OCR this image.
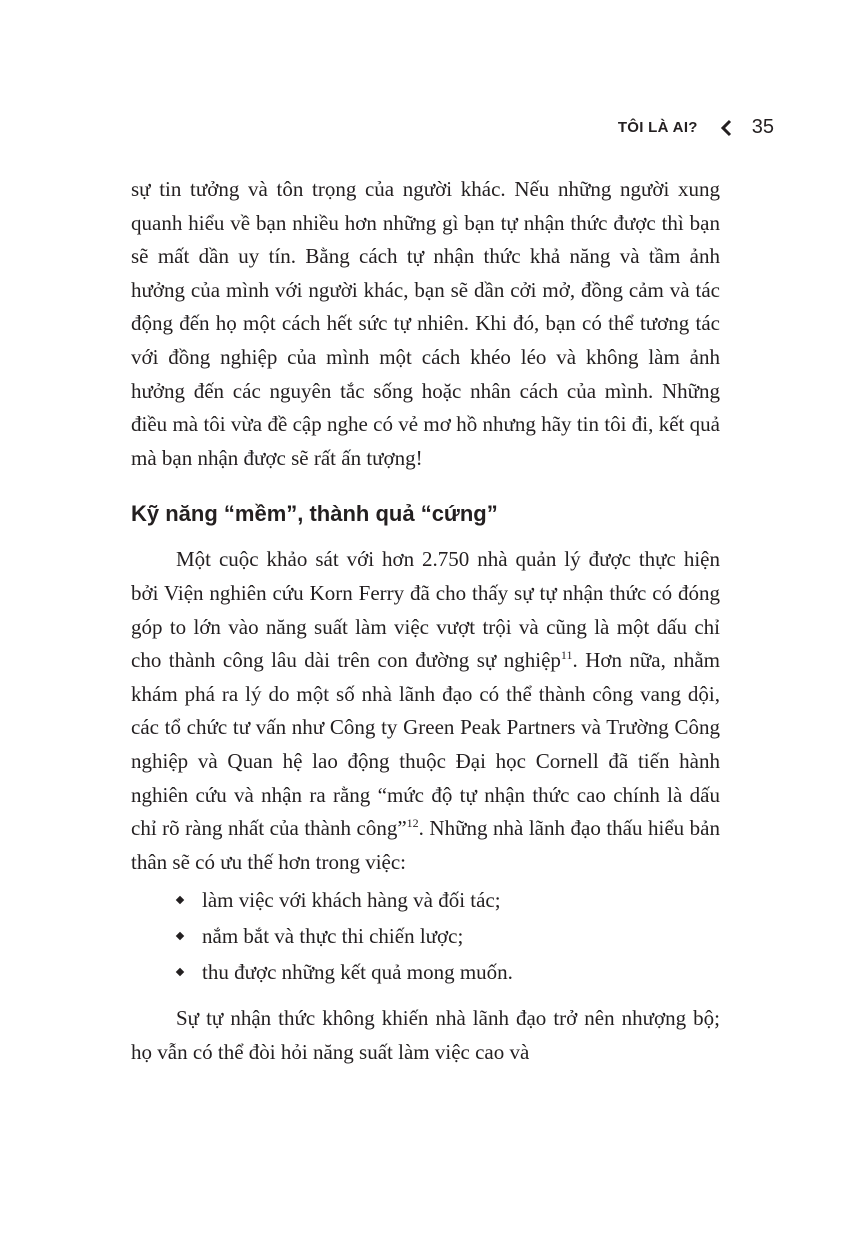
TÔI LÀ AI?	35

sự tin tưởng và tôn trọng của người khác. Nếu những người xung quanh hiểu về bạn nhiều hơn những gì bạn tự nhận thức được thì bạn sẽ mất dần uy tín. Bằng cách tự nhận thức khả năng và tầm ảnh hưởng của mình với người khác, bạn sẽ dần cởi mở, đồng cảm và tác động đến họ một cách hết sức tự nhiên. Khi đó, bạn có thể tương tác với đồng nghiệp của mình một cách khéo léo và không làm ảnh hưởng đến các nguyên tắc sống hoặc nhân cách của mình. Những điều mà tôi vừa đề cập nghe có vẻ mơ hồ nhưng hãy tin tôi đi, kết quả mà bạn nhận được sẽ rất ấn tượng!

Kỹ năng “mềm”, thành quả “cứng”

Một cuộc khảo sát với hơn 2.750 nhà quản lý được thực hiện bởi Viện nghiên cứu Korn Ferry đã cho thấy sự tự nhận thức có đóng góp to lớn vào năng suất làm việc vượt trội và cũng là một dấu chỉ cho thành công lâu dài trên con đường sự nghiệp$^{11}$. Hơn nữa, nhằm khám phá ra lý do một số nhà lãnh đạo có thể thành công vang dội, các tổ chức tư vấn như Công ty Green Peak Partners và Trường Công nghiệp và Quan hệ lao động thuộc Đại học Cornell đã tiến hành nghiên cứu và nhận ra rằng “mức độ tự nhận thức cao chính là dấu chỉ rõ ràng nhất của thành công”$^{12}$. Những nhà lãnh đạo thấu hiểu bản thân sẽ có ưu thế hơn trong việc:

làm việc với khách hàng và đối tác;
nắm bắt và thực thi chiến lược;
thu được những kết quả mong muốn.

Sự tự nhận thức không khiến nhà lãnh đạo trở nên nhượng bộ; họ vẫn có thể đòi hỏi năng suất làm việc cao và
